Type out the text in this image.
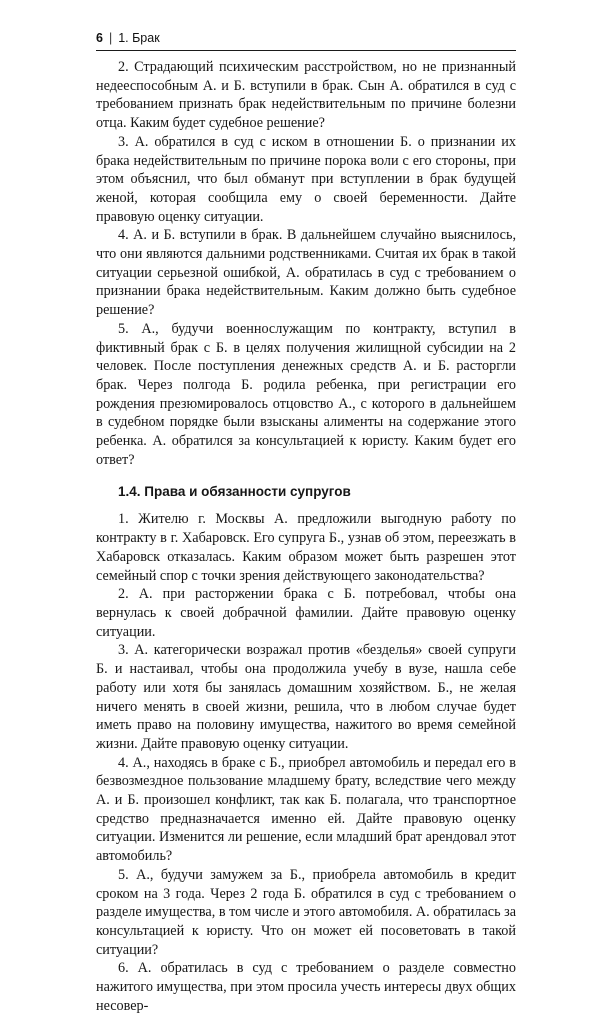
6 | 1. Брак

2. Страдающий психическим расстройством, но не признанный недееспособным А. и Б. вступили в брак. Сын А. обратился в суд с требованием признать брак недействительным по причине болезни отца. Каким будет судебное решение?

3. А. обратился в суд с иском в отношении Б. о признании их брака недействительным по причине порока воли с его стороны, при этом объяснил, что был обманут при вступлении в брак будущей женой, которая сообщила ему о своей беременности. Дайте правовую оценку ситуации.

4. А. и Б. вступили в брак. В дальнейшем случайно выяснилось, что они являются дальними родственниками. Считая их брак в такой ситуации серьезной ошибкой, А. обратилась в суд с требованием о признании брака недействительным. Каким должно быть судебное решение?

5. А., будучи военнослужащим по контракту, вступил в фиктивный брак с Б. в целях получения жилищной субсидии на 2 человек. После поступления денежных средств А. и Б. расторгли брак. Через полгода Б. родила ребенка, при регистрации его рождения презюмировалось отцовство А., с которого в дальнейшем в судебном порядке были взысканы алименты на содержание этого ребенка. А. обратился за консультацией к юристу. Каким будет его ответ?

1.4. Права и обязанности супругов

1. Жителю г. Москвы А. предложили выгодную работу по контракту в г. Хабаровск. Его супруга Б., узнав об этом, переезжать в Хабаровск отказалась. Каким образом может быть разрешен этот семейный спор с точки зрения действующего законодательства?

2. А. при расторжении брака с Б. потребовал, чтобы она вернулась к своей добрачной фамилии. Дайте правовую оценку ситуации.

3. А. категорически возражал против «безделья» своей супруги Б. и настаивал, чтобы она продолжила учебу в вузе, нашла себе работу или хотя бы занялась домашним хозяйством. Б., не желая ничего менять в своей жизни, решила, что в любом случае будет иметь право на половину имущества, нажитого во время семейной жизни. Дайте правовую оценку ситуации.

4. А., находясь в браке с Б., приобрел автомобиль и передал его в безвозмездное пользование младшему брату, вследствие чего между А. и Б. произошел конфликт, так как Б. полагала, что транспортное средство предназначается именно ей. Дайте правовую оценку ситуации. Изменится ли решение, если младший брат арендовал этот автомобиль?

5. А., будучи замужем за Б., приобрела автомобиль в кредит сроком на 3 года. Через 2 года Б. обратился в суд с требованием о разделе имущества, в том числе и этого автомобиля. А. обратилась за консультацией к юристу. Что он может ей посоветовать в такой ситуации?

6. А. обратилась в суд с требованием о разделе совместно нажитого имущества, при этом просила учесть интересы двух общих несовер-
